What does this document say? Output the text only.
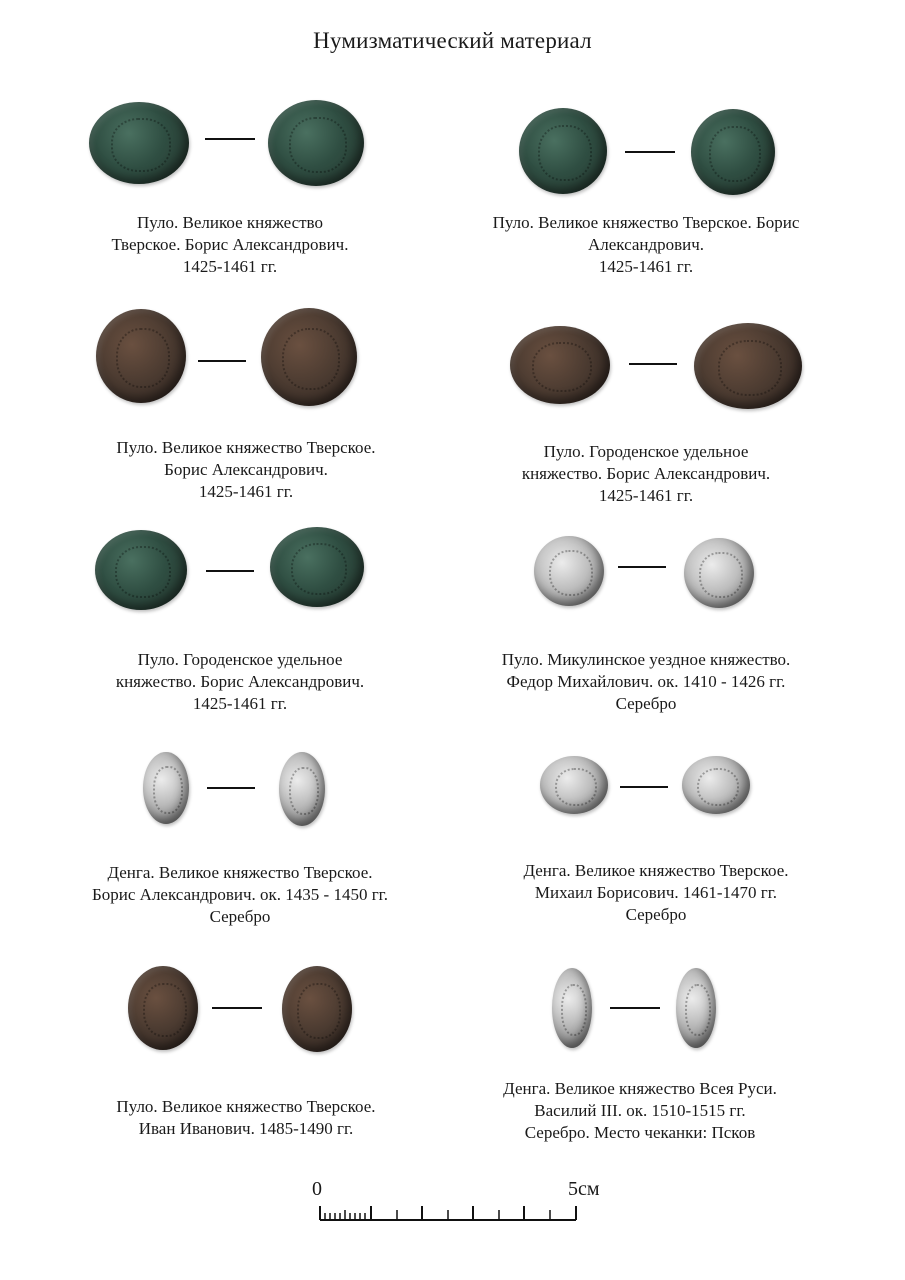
Нумизматический материал
Пуло. Великое княжество
Тверское. Борис Александрович.
1425-1461 гг.
Пуло. Великое княжество Тверское. Борис
Александрович.
1425-1461 гг.
Пуло. Великое княжество Тверское.
Борис Александрович.
1425-1461 гг.
Пуло. Городенское удельное
княжество. Борис Александрович.
1425-1461 гг.
Пуло. Городенское удельное
княжество. Борис Александрович.
1425-1461 гг.
Пуло. Микулинское уездное княжество.
Федор Михайлович. ок. 1410 - 1426 гг.
Серебро
Денга. Великое княжество Тверское.
Борис Александрович. ок. 1435 - 1450 гг.
Серебро
Денга. Великое княжество Тверское.
Михаил Борисович. 1461-1470 гг.
Серебро
Пуло. Великое княжество Тверское.
Иван Иванович. 1485-1490 гг.
Денга. Великое княжество Всея Руси.
Василий III. ок. 1510-1515 гг.
Серебро. Место чеканки: Псков
0	5см
